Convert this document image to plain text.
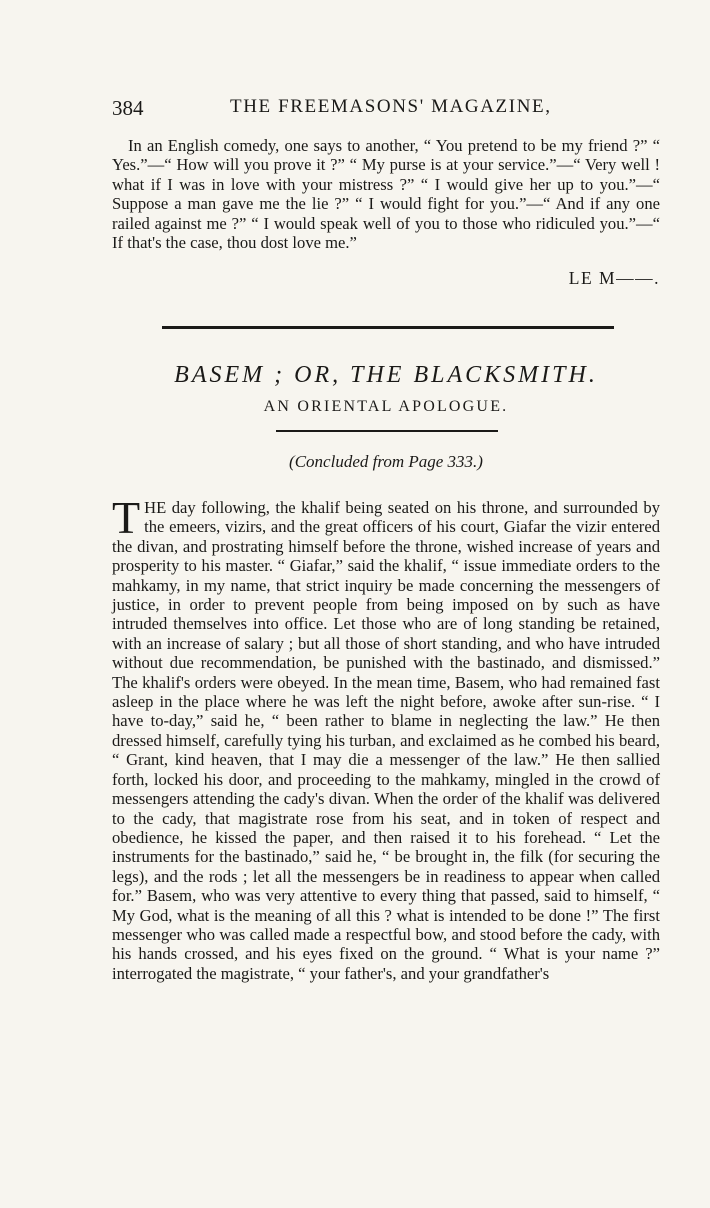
384	THE FREEMASONS' MAGAZINE,

In an English comedy, one says to another, “ You pretend to be my friend ?” “ Yes.”—“ How will you prove it ?” “ My purse is at your service.”—“ Very well ! what if I was in love with your mistress ?” “ I would give her up to you.”—“ Suppose a man gave me the lie ?” “ I would fight for you.”—“ And if any one railed against me ?” “ I would speak well of you to those who ridiculed you.”—“ If that's the case, thou dost love me.”

LE M——.
BASEM ; OR, THE BLACKSMITH.
AN ORIENTAL APOLOGUE.
(Concluded from Page 333.)

THE day following, the khalif being seated on his throne, and surrounded by the emeers, vizirs, and the great officers of his court, Giafar the vizir entered the divan, and prostrating himself before the throne, wished increase of years and prosperity to his master. “ Giafar,” said the khalif, “ issue immediate orders to the mahkamy, in my name, that strict inquiry be made concerning the messengers of justice, in order to prevent people from being imposed on by such as have intruded themselves into office. Let those who are of long standing be retained, with an increase of salary ; but all those of short standing, and who have intruded without due recommendation, be punished with the bastinado, and dismissed.” The khalif's orders were obeyed. In the mean time, Basem, who had remained fast asleep in the place where he was left the night before, awoke after sun-rise. “ I have to-day,” said he, “ been rather to blame in neglecting the law.” He then dressed himself, carefully tying his turban, and exclaimed as he combed his beard, “ Grant, kind heaven, that I may die a messenger of the law.” He then sallied forth, locked his door, and proceeding to the mahkamy, mingled in the crowd of messengers attending the cady's divan. When the order of the khalif was delivered to the cady, that magistrate rose from his seat, and in token of respect and obedience, he kissed the paper, and then raised it to his forehead. “ Let the instruments for the bastinado,” said he, “ be brought in, the filk (for securing the legs), and the rods ; let all the messengers be in readiness to appear when called for.” Basem, who was very attentive to every thing that passed, said to himself, “ My God, what is the meaning of all this ? what is intended to be done !” The first messenger who was called made a respectful bow, and stood before the cady, with his hands crossed, and his eyes fixed on the ground. “ What is your name ?” interrogated the magistrate, “ your father's, and your grandfather's
